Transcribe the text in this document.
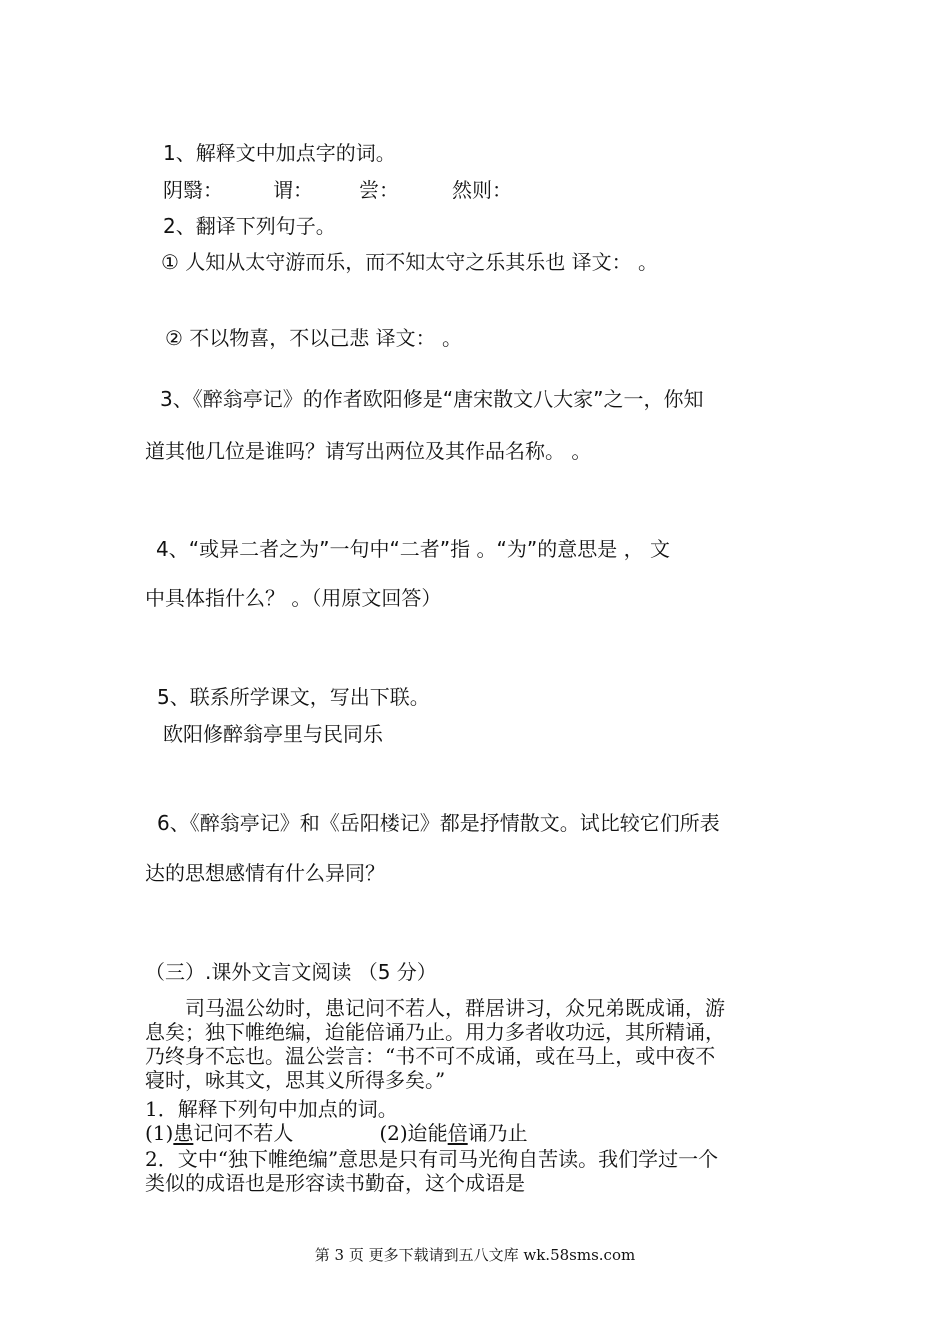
1、解释文中加点字的词。
阴翳：	谓： 尝：	然则：
2、翻译下列句子。
① 人知从太守游而乐，而不知太守之乐其乐也 译文： 。
② 不以物喜，不以己悲 译文： 。
3、《醉翁亭记》的作者欧阳修是“唐宋散文八大家”之一，你知
道其他几位是谁吗？请写出两位及其作品名称。 。
4、“或异二者之为”一句中“二者”指 。“为”的意思是 ， 文
中具体指什么？ 。（用原文回答）
5、联系所学课文，写出下联。
欧阳修醉翁亭里与民同乐
6、《醉翁亭记》和《岳阳楼记》都是抒情散文。试比较它们所表
达的思想感情有什么异同？
（三）.课外文言文阅读 （5 分）
　　司马温公幼时，患记问不若人，群居讲习，众兄弟既成诵，游
息矣；独下帷绝编，迨能倍诵乃止。用力多者收功远，其所精诵，
乃终身不忘也。温公尝言：“书不可不成诵，或在马上，或中夜不
寝时，咏其文，思其义所得多矣。”
1．解释下列句中加点的词。
(1)患记问不若人	(2)迨能倍诵乃止
2．文中“独下帷绝编”意思是只有司马光徇自苦读。我们学过一个
类似的成语也是形容读书勤奋，这个成语是
第 3 页 更多下载请到五八文库 wk.58sms.com
